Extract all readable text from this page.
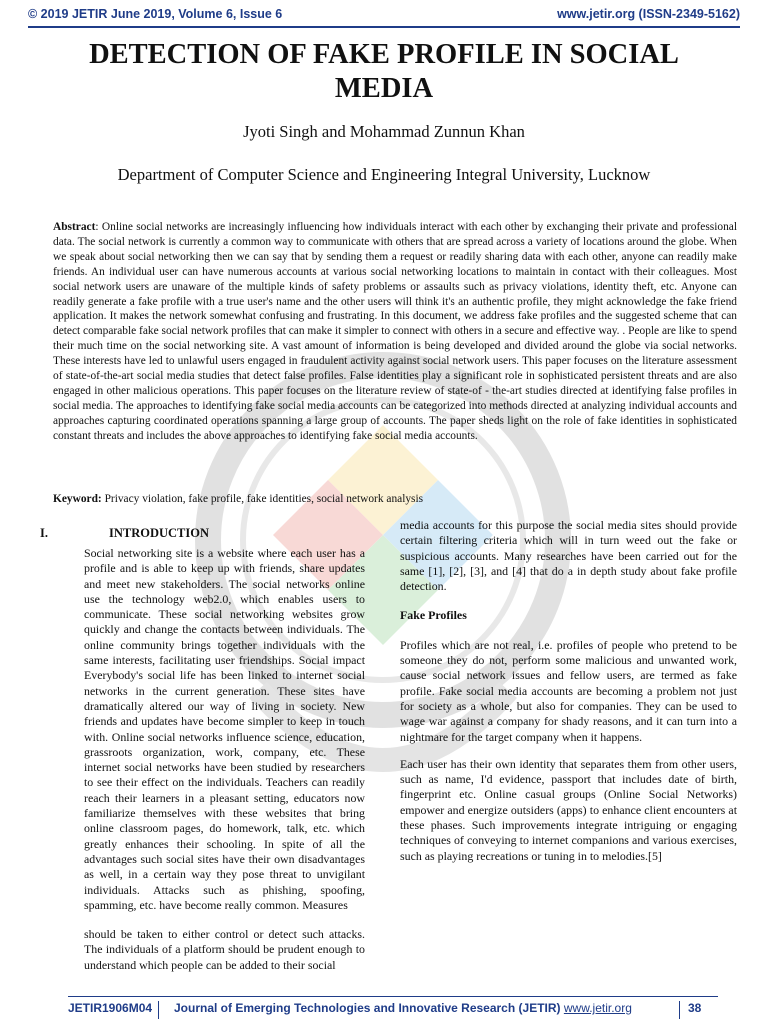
© 2019 JETIR June 2019, Volume 6, Issue 6	www.jetir.org (ISSN-2349-5162)
DETECTION OF FAKE PROFILE IN SOCIAL MEDIA
Jyoti Singh and Mohammad Zunnun Khan
Department of Computer Science and Engineering Integral University, Lucknow

Abstract: Online social networks are increasingly influencing how individuals interact with each other by exchanging their private and professional data. The social network is currently a common way to communicate with others that are spread across a variety of locations around the globe. When we speak about social networking then we can say that by sending them a request or readily sharing data with each other, anyone can readily make friends. An individual user can have numerous accounts at various social networking locations to maintain in contact with their colleagues. Most social network users are unaware of the multiple kinds of safety problems or assaults such as privacy violations, identity theft, etc. Anyone can readily generate a fake profile with a true user's name and the other users will think it's an authentic profile, they might acknowledge the fake friend application. It makes the network somewhat confusing and frustrating. In this document, we address fake profiles and the suggested scheme that can detect comparable fake social network profiles that can make it simpler to connect with others in a secure and effective way. . People are like to spend their much time on the social networking site. A vast amount of information is being developed and divided around the globe via social networks. These interests have led to unlawful users engaged in fraudulent activity against social network users. This paper focuses on the literature assessment of state-of-the-art social media studies that detect false profiles. False identities play a significant role in sophisticated persistent threats and are also engaged in other malicious operations. This paper focuses on the literature review of state-of - the-art studies directed at identifying false profiles in social media. The approaches to identifying fake social media accounts can be categorized into methods directed at analyzing individual accounts and approaches capturing coordinated operations spanning a large group of accounts. The paper sheds light on the role of fake identities in sophisticated constant threats and includes the above approaches to identifying fake social media accounts.

Keyword: Privacy violation, fake profile, fake identities, social network analysis

I.	INTRODUCTION

Social networking site is a website where each user has a profile and is able to keep up with friends, share updates and meet new stakeholders. The social networks online use the technology web2.0, which enables users to communicate. These social networking websites grow quickly and change the contacts between individuals. The online community brings together individuals with the same interests, facilitating user friendships. Social impact Everybody's social life has been linked to internet social networks in the current generation. These sites have dramatically altered our way of living in society. New friends and updates have become simpler to keep in touch with. Online social networks influence science, education, grassroots organization, work, company, etc. These internet social networks have been studied by researchers to see their effect on the individuals. Teachers can readily reach their learners in a pleasant setting, educators now familiarize themselves with these websites that bring online classroom pages, do homework, talk, etc. which greatly enhances their schooling. In spite of all the advantages such social sites have their own disadvantages as well, in a certain way they pose threat to unvigilant individuals. Attacks such as phishing, spoofing, spamming, etc. have become really common. Measures

should be taken to either control or detect such attacks. The individuals of a platform should be prudent enough to understand which people can be added to their social

media accounts for this purpose the social media sites should provide certain filtering criteria which will in turn weed out the fake or suspicious accounts. Many researches have been carried out for the same [1], [2], [3], and [4] that do a in depth study about fake profile detection.

Fake Profiles

Profiles which are not real, i.e. profiles of people who pretend to be someone they do not, perform some malicious and unwanted work, cause social network issues and fellow users, are termed as fake profile. Fake social media accounts are becoming a problem not just for society as a whole, but also for companies. They can be used to wage war against a company for shady reasons, and it can turn into a nightmare for the target company when it happens.

Each user has their own identity that separates them from other users, such as name, I'd evidence, passport that includes date of birth, fingerprint etc. Online casual groups (Online Social Networks) empower and energize outsiders (apps) to enhance client encounters at these phases. Such improvements integrate intriguing or engaging techniques of conveying to internet companions and various exercises, such as playing recreations or tuning in to melodies.[5]

JETIR1906M04	Journal of Emerging Technologies and Innovative Research (JETIR) www.jetir.org	38
